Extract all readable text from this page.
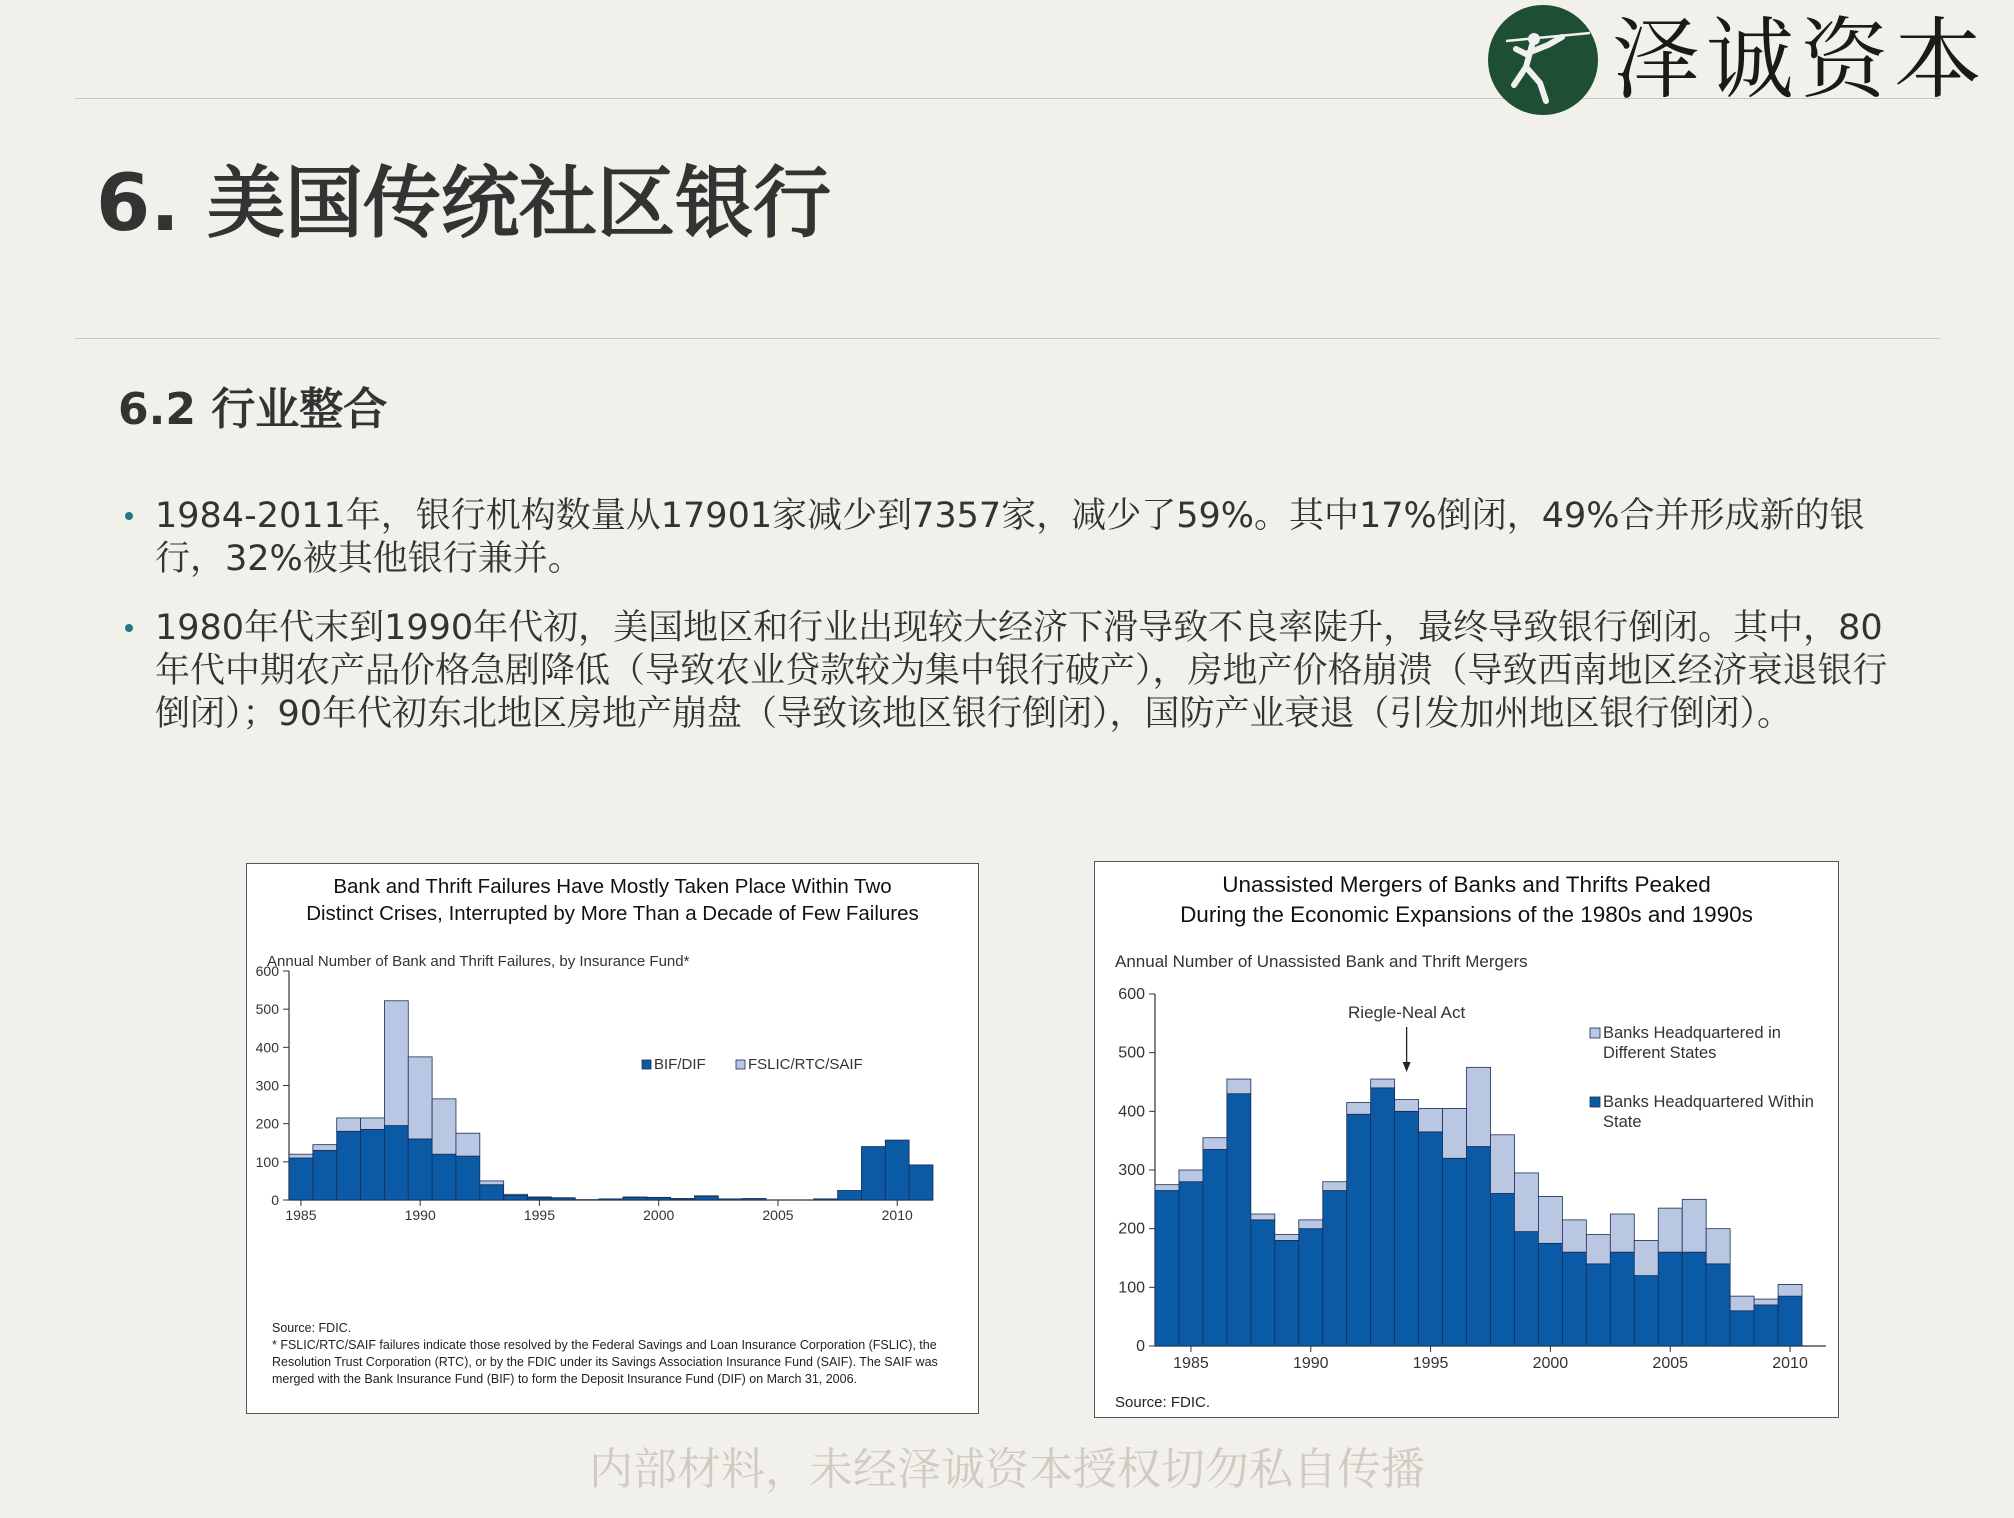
泽诚资本
6. 美国传统社区银行
6.2 行业整合
1984-2011年，银行机构数量从17901家减少到7357家，减少了59%。其中17%倒闭，49%合并形成新的银行，32%被其他银行兼并。
1980年代末到1990年代初，美国地区和行业出现较大经济下滑导致不良率陡升，最终导致银行倒闭。其中，80年代中期农产品价格急剧降低（导致农业贷款较为集中银行破产），房地产价格崩溃（导致西南地区经济衰退银行倒闭）；90年代初东北地区房地产崩盘（导致该地区银行倒闭），国防产业衰退（引发加州地区银行倒闭）。
Bank and Thrift Failures Have Mostly Taken Place Within Two
Distinct Crises, Interrupted by More Than a Decade of Few Failures
Annual Number of Bank and Thrift Failures, by Insurance Fund*
0
100
200
300
400
500
600
1985	1990	1995	2000	2005	2010
BIF/DIF	FSLIC/RTC/SAIF
Source: FDIC.
* FSLIC/RTC/SAIF failures indicate those resolved by the Federal Savings and Loan Insurance Corporation (FSLIC), the Resolution Trust Corporation (RTC), or by the FDIC under its Savings Association Insurance Fund (SAIF). The SAIF was merged with the Bank Insurance Fund (BIF) to form the Deposit Insurance Fund (DIF) on March 31, 2006.
Unassisted Mergers of Banks and Thrifts Peaked
During the Economic Expansions of the 1980s and 1990s
Annual Number of Unassisted Bank and Thrift Mergers
0
100
200
300
400
500
600
1985	1990	1995	2000	2005	2010
Riegle-Neal Act
Banks Headquartered in Different States
Banks Headquartered Within State
Source: FDIC.
内部材料，未经泽诚资本授权切勿私自传播
